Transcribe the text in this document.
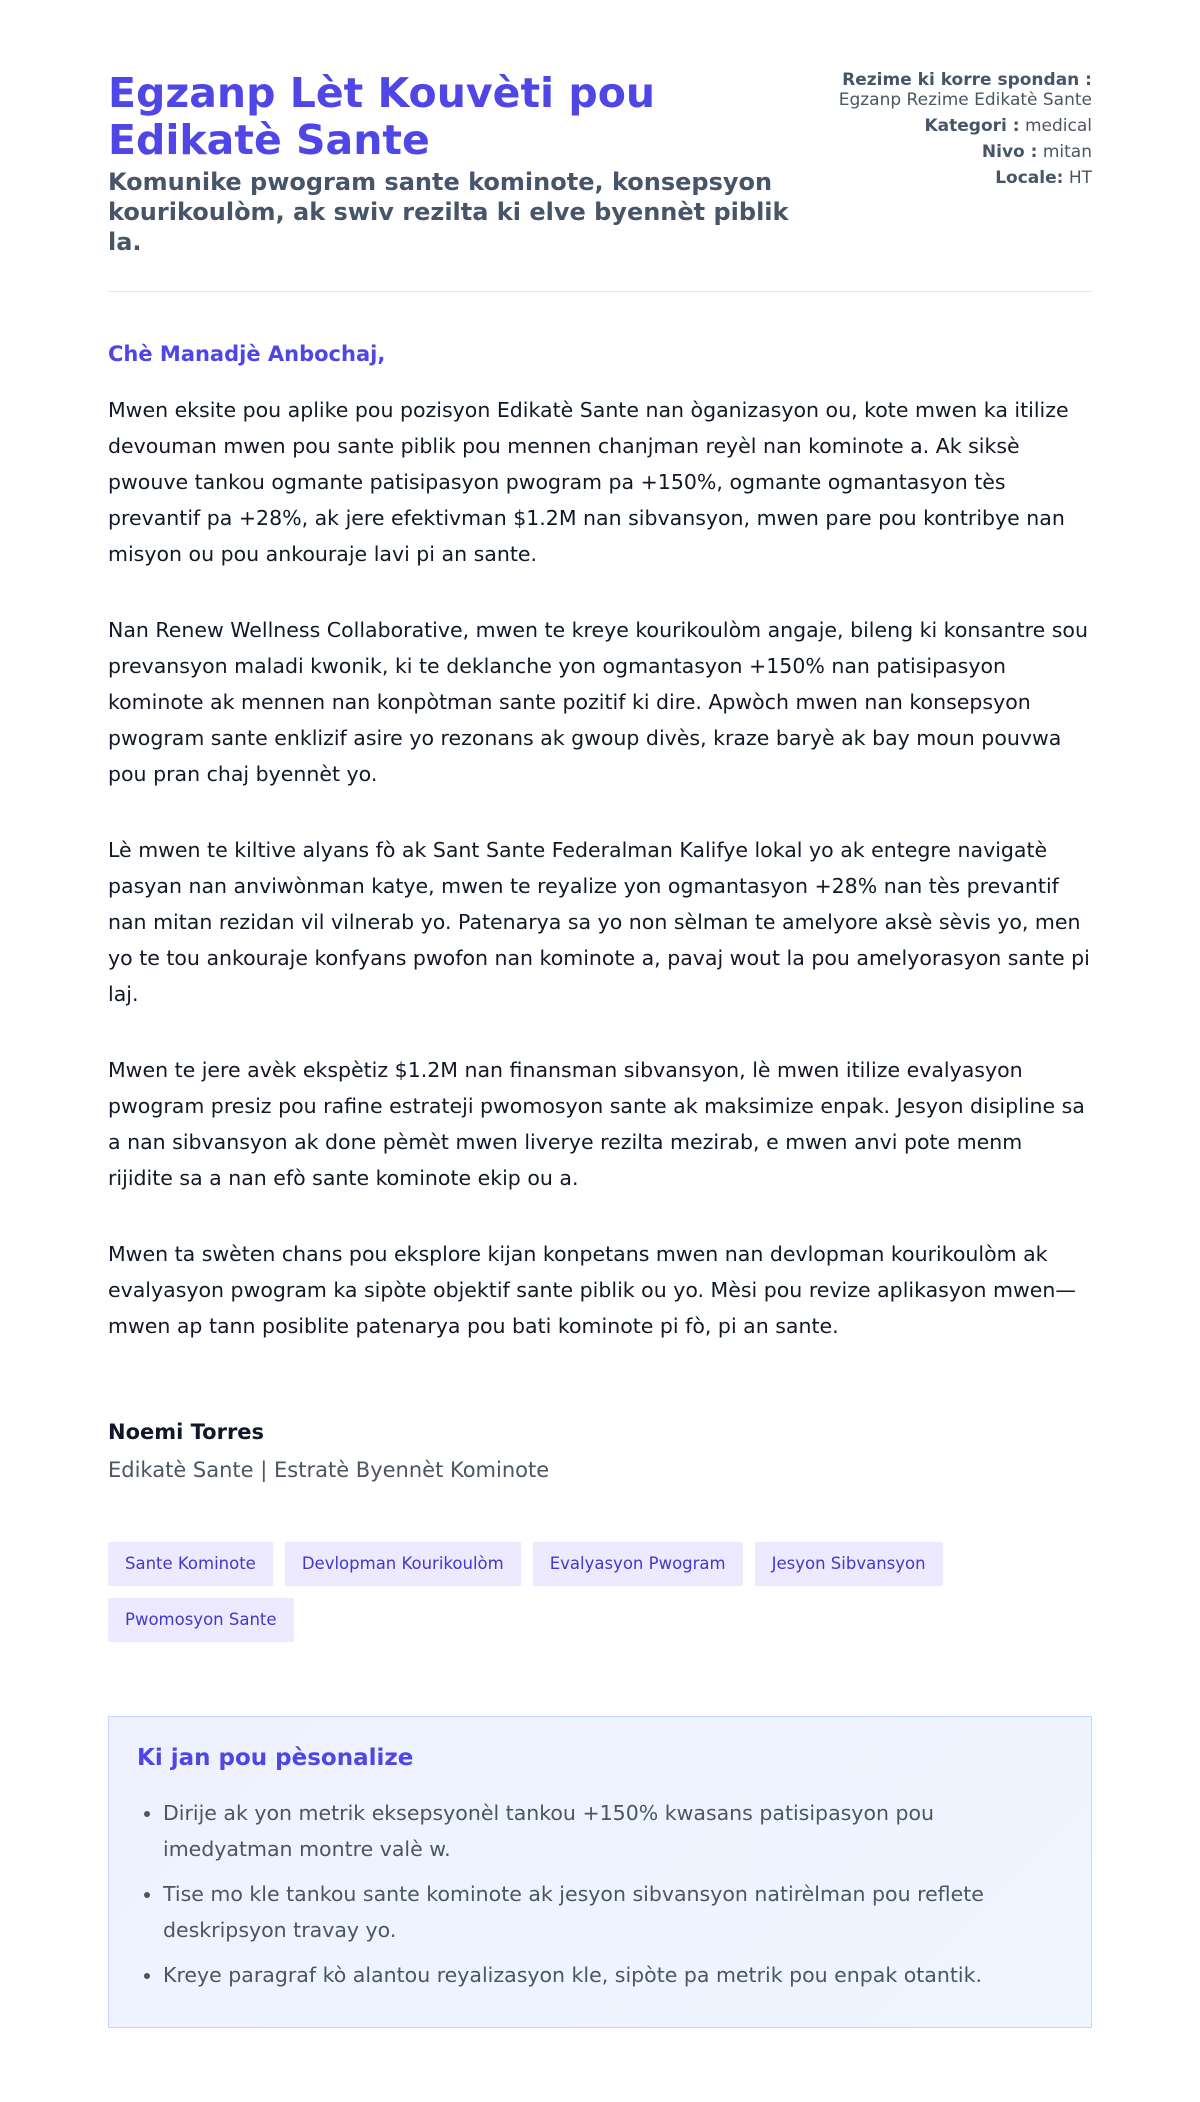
Egzanp Lèt Kouvèti pou Edikatè Sante
Komunike pwogram sante kominote, konsepsyon kourikoulòm, ak swiv rezilta ki elve byennèt piblik la.
Rezime ki korre spondan : Egzanp Rezime Edikatè Sante
Kategori : medical
Nivo : mitan
Locale: HT

Chè Manadjè Anbochaj,

Mwen eksite pou aplike pou pozisyon Edikatè Sante nan òganizasyon ou, kote mwen ka itilize devouman mwen pou sante piblik pou mennen chanjman reyèl nan kominote a. Ak siksè pwouve tankou ogmante patisipasyon pwogram pa +150%, ogmante ogmantasyon tès prevantif pa +28%, ak jere efektivman $1.2M nan sibvansyon, mwen pare pou kontribye nan misyon ou pou ankouraje lavi pi an sante.

Nan Renew Wellness Collaborative, mwen te kreye kourikoulòm angaje, bileng ki konsantre sou prevansyon maladi kwonik, ki te deklanche yon ogmantasyon +150% nan patisipasyon kominote ak mennen nan konpòtman sante pozitif ki dire. Apwòch mwen nan konsepsyon pwogram sante enklizif asire yo rezonans ak gwoup divès, kraze baryè ak bay moun pouvwa pou pran chaj byennèt yo.

Lè mwen te kiltive alyans fò ak Sant Sante Federalman Kalifye lokal yo ak entegre navigatè pasyan nan anviwònman katye, mwen te reyalize yon ogmantasyon +28% nan tès prevantif nan mitan rezidan vil vilnerab yo. Patenarya sa yo non sèlman te amelyore aksè sèvis yo, men yo te tou ankouraje konfyans pwofon nan kominote a, pavaj wout la pou amelyorasyon sante pi laj.

Mwen te jere avèk ekspètiz $1.2M nan finansman sibvansyon, lè mwen itilize evalyasyon pwogram presiz pou rafine estrateji pwomosyon sante ak maksimize enpak. Jesyon disipline sa a nan sibvansyon ak done pèmèt mwen liverye rezilta mezirab, e mwen anvi pote menm rijidite sa a nan efò sante kominote ekip ou a.

Mwen ta swèten chans pou eksplore kijan konpetans mwen nan devlopman kourikoulòm ak evalyasyon pwogram ka sipòte objektif sante piblik ou yo. Mèsi pou revize aplikasyon mwen—mwen ap tann posiblite patenarya pou bati kominote pi fò, pi an sante.

Noemi Torres

Edikatè Sante | Estratè Byennèt Kominote

Sante Kominote	Devlopman Kourikoulòm	Evalyasyon Pwogram	Jesyon Sibvansyon
Pwomosyon Sante
Ki jan pou pèsonalize
• Dirije ak yon metrik eksepsyonèl tankou +150% kwasans patisipasyon pou imedyatman montre valè w.
• Tise mo kle tankou sante kominote ak jesyon sibvansyon natirèlman pou reflete deskripsyon travay yo.
• Kreye paragraf kò alantou reyalizasyon kle, sipòte pa metrik pou enpak otantik.
